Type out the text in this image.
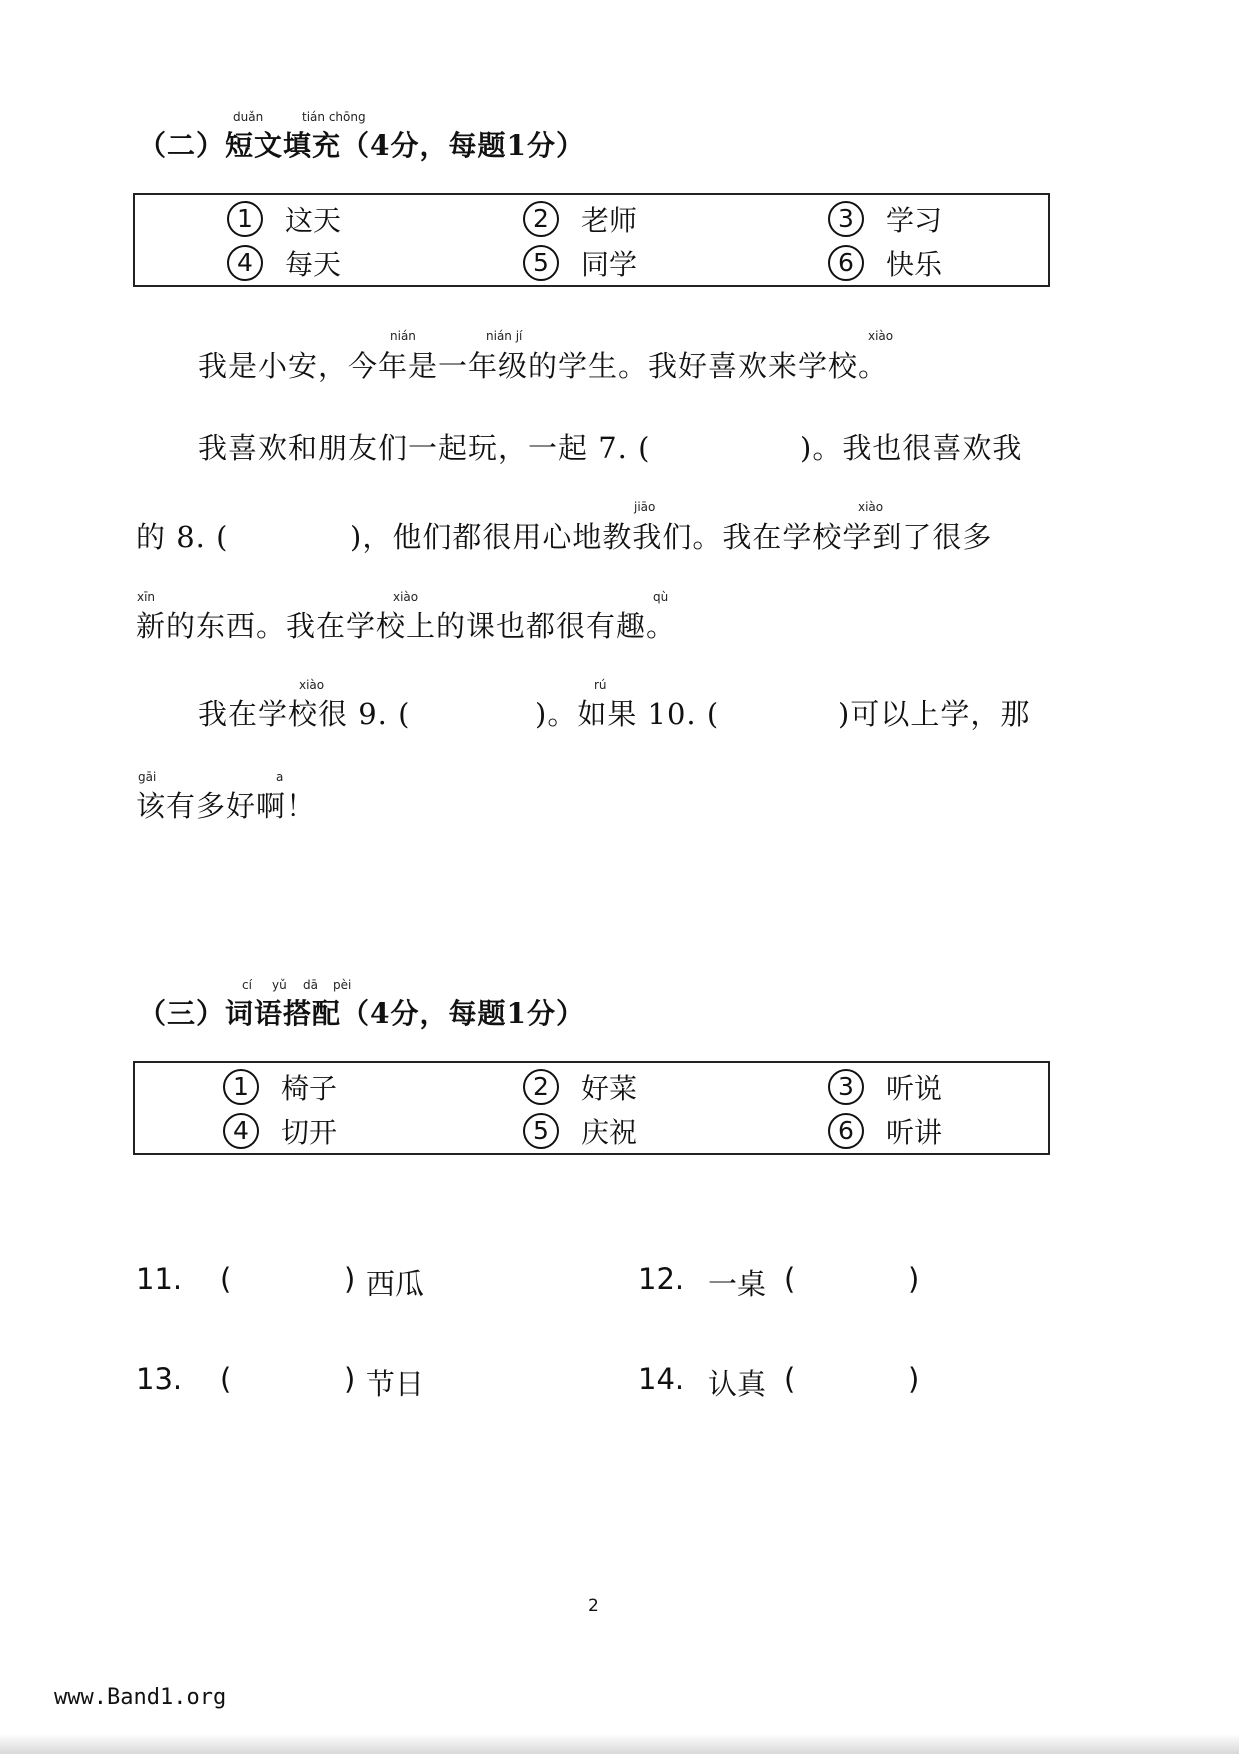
duǎn	tián chōng
（二）短文填充（4分，每题1分）
1	这天	2	老师	3	学习
4	每天	5	同学	6	快乐
nián	nián jí	xiào
我是小安，今年是一年级的学生。我好喜欢来学校。
我喜欢和朋友们一起玩，一起 7. (	)。我也很喜欢我
jiāo	xiào
的 8. (	)，他们都很用心地教我们。我在学校学到了很多
xīn	xiào	qù
新的东西。我在学校上的课也都很有趣。
xiào	rú
我在学校很 9. (	)。如果 10. (	)可以上学，那
gāi	a
该有多好啊！
cí yǔ dā pèi
（三）词语搭配（4分，每题1分）
1	椅子	2	好菜	3	听说
4	切开	5	庆祝	6	听讲
11. (	) 西瓜	12. 一桌 (	)
13. (	) 节日	14. 认真 (	)
2
www.Band1.org
